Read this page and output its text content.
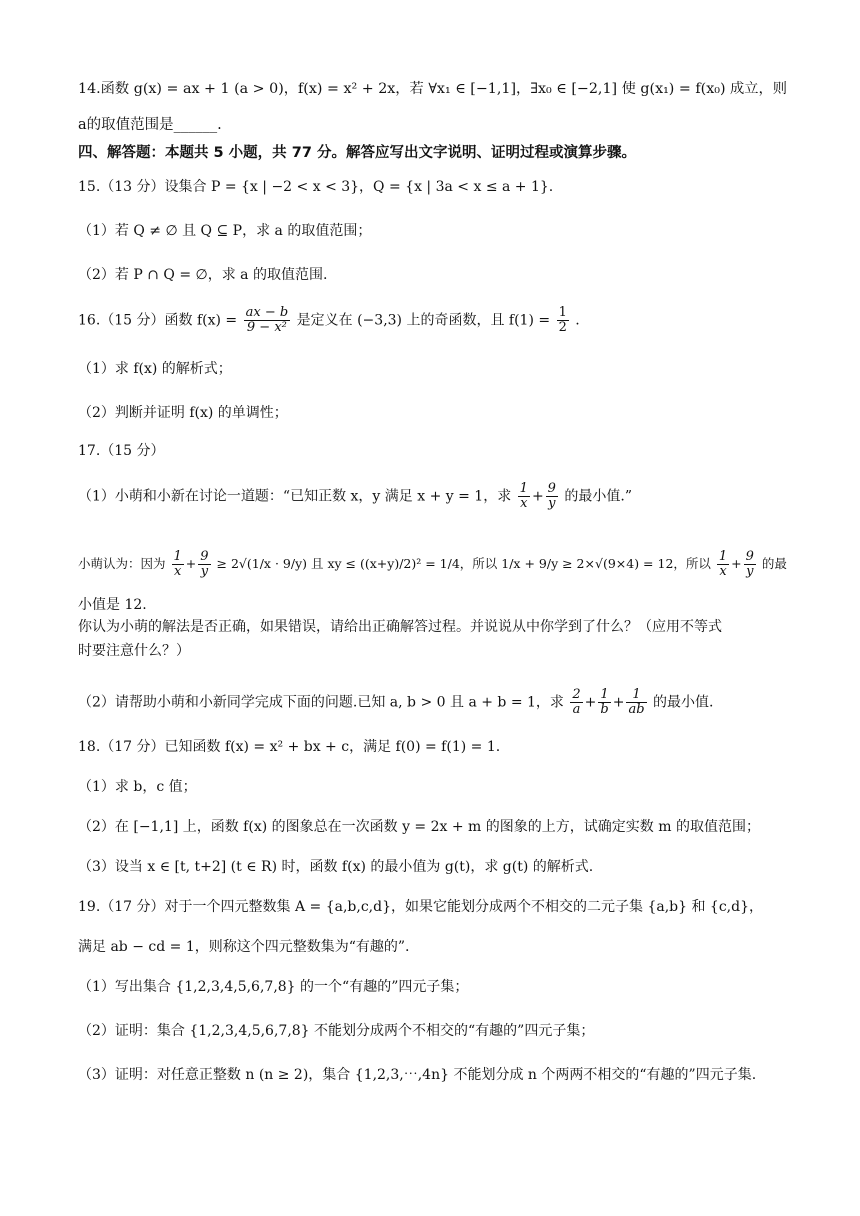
14.函数 g(x) = ax + 1 (a > 0)，f(x) = x² + 2x，若 ∀x₁ ∈ [−1,1]，∃x₀ ∈ [−2,1] 使 g(x₁) = f(x₀) 成立，则
a的取值范围是______.
四、解答题：本题共 5 小题，共 77 分。解答应写出文字说明、证明过程或演算步骤。
15.（13 分）设集合 P = {x | −2 < x < 3}，Q = {x | 3a < x ≤ a + 1}.
（1）若 Q ≠ ∅ 且 Q ⊆ P，求 a 的取值范围；
（2）若 P ∩ Q = ∅，求 a 的取值范围.
16.（15 分）函数 $f(x) = \frac{ax - b}{\text{9 − x²}}$ 是定义在 (−3,3) 上的奇函数，且 $f(1) = \frac{1}{2}$ .
（1）求 f(x) 的解析式；
（2）判断并证明 f(x) 的单调性；
17.（15 分）
（1）小萌和小新在讨论一道题：“已知正数 x，y 满足 x + y = 1，求 $\frac{1}{x} + \frac{9}{y}$ 的最小值.”
小萌认为：因为 $\frac{1}{x} + \frac{9}{y} \ge 2√(1/x \cdot 9/y)$ 且 xy ≤ ((x+y)/2)² = 1/4，所以 1/x + 9/y ≥ 2×√(9×4) = 12，所以 $\frac{1}{x} + \frac{9}{y}$ 的最
小值是 12.
你认为小萌的解法是否正确，如果错误，请给出正确解答过程。并说说从中你学到了什么？（应用不等式
时要注意什么？）
（2）请帮助小萌和小新同学完成下面的问题.已知 a, b > 0 且 a + b = 1，求 $\frac{2}{a} + \frac{1}{b} + \frac{1}{ab}$ 的最小值.
18.（17 分）已知函数 f(x) = x² + bx + c，满足 f(0) = f(1) = 1.
（1）求 b，c 值；
（2）在 [−1,1] 上，函数 f(x) 的图象总在一次函数 y = 2x + m 的图象的上方，试确定实数 m 的取值范围；
（3）设当 x ∈ [t, t+2] (t ∈ R) 时，函数 f(x) 的最小值为 g(t)，求 g(t) 的解析式.
19.（17 分）对于一个四元整数集 A = {a,b,c,d}，如果它能划分成两个不相交的二元子集 {a,b} 和 {c,d}，
满足 ab − cd = 1，则称这个四元整数集为“有趣的”.
（1）写出集合 {1,2,3,4,5,6,7,8} 的一个“有趣的”四元子集；
（2）证明：集合 {1,2,3,4,5,6,7,8} 不能划分成两个不相交的“有趣的”四元子集；
（3）证明：对任意正整数 n (n ≥ 2)，集合 {1,2,3,⋯,4n} 不能划分成 n 个两两不相交的“有趣的”四元子集.
